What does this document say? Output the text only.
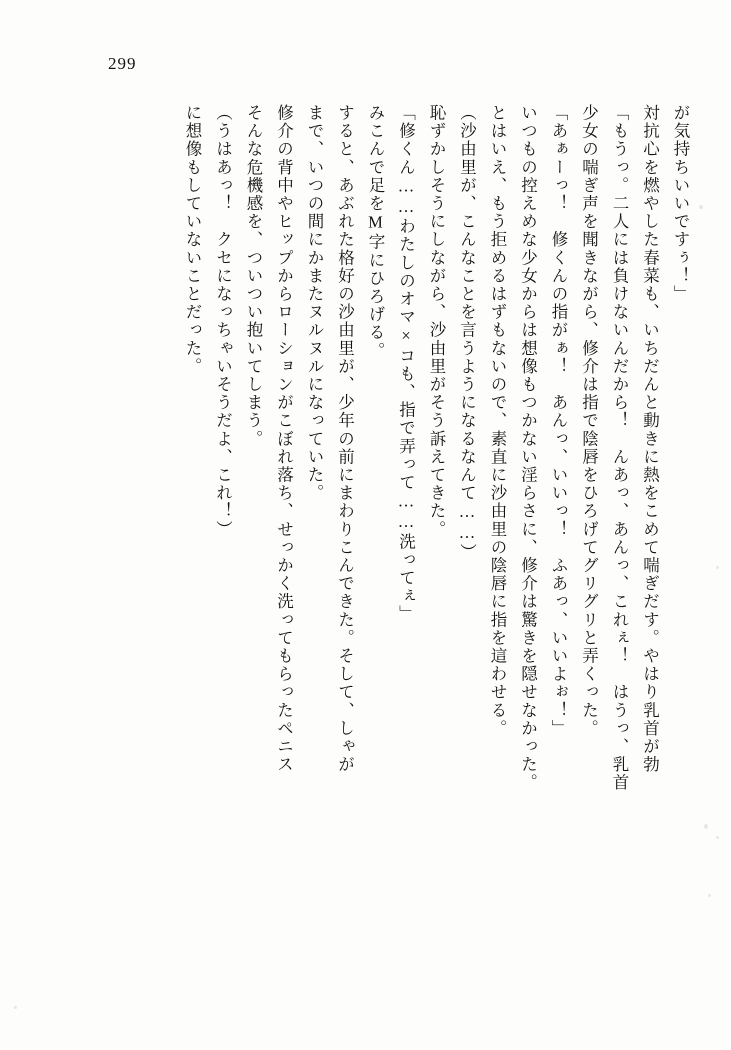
299
が気持ちいいですぅ！」
対抗心を燃やした春菜も、いちだんと動きに熱をこめて喘ぎだす。やはり乳首が勃
「もうっ。二人には負けないんだから！　んあっ、あんっ、これぇ！　はうっ、乳首
少女の喘ぎ声を聞きながら、修介は指で陰唇をひろげてグリグリと弄くった。
「あぁーっ！　修くんの指がぁ！　あんっ、いいっ！　ふあっ、いいよぉ！」
いつもの控えめな少女からは想像もつかない淫らさに、修介は驚きを隠せなかった。
とはいえ、もう拒めるはずもないので、素直に沙由里の陰唇に指を這わせる。
（沙由里が、こんなことを言うようになるなんて……）
恥ずかしそうにしながら、沙由里がそう訴えてきた。
「修くん……わたしのオマ×コも、指で弄って……洗ってぇ」
みこんで足をM字にひろげる。
すると、あぶれた格好の沙由里が、少年の前にまわりこんできた。そして、しゃが
まで、いつの間にかまたヌルヌルになっていた。
修介の背中やヒップからローションがこぼれ落ち、せっかく洗ってもらったペニス
そんな危機感を、ついつい抱いてしまう。
（うはあっ！　クセになっちゃいそうだよ、これ！）
に想像もしていないことだった。
